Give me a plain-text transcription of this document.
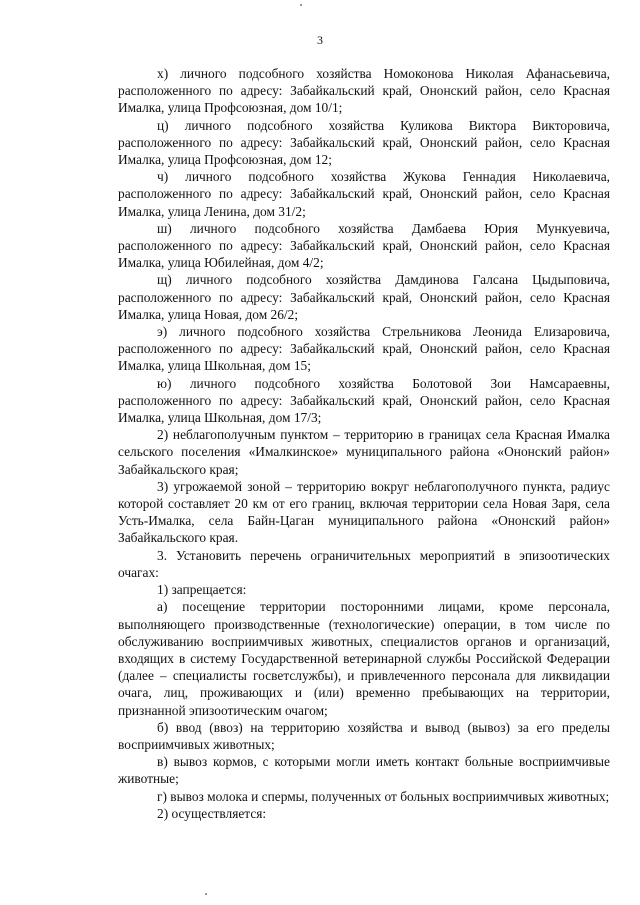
3

х) личного подсобного хозяйства Номоконова Николая Афанасьевича, расположенного по адресу: Забайкальский край, Ононский район, село Красная Ималка, улица Профсоюзная, дом 10/1;

ц) личного подсобного хозяйства Куликова Виктора Викторовича, расположенного по адресу: Забайкальский край, Ононский район, село Красная Ималка, улица Профсоюзная, дом 12;

ч) личного подсобного хозяйства Жукова Геннадия Николаевича, расположенного по адресу: Забайкальский край, Ононский район, село Красная Ималка, улица Ленина, дом 31/2;

ш) личного подсобного хозяйства Дамбаева Юрия Мункуевича, расположенного по адресу: Забайкальский край, Ононский район, село Красная Ималка, улица Юбилейная, дом 4/2;

щ) личного подсобного хозяйства Дамдинова Галсана Цыдыповича, расположенного по адресу: Забайкальский край, Ононский район, село Красная Ималка, улица Новая, дом 26/2;

э) личного подсобного хозяйства Стрельникова Леонида Елизаровича, расположенного по адресу: Забайкальский край, Ононский район, село Красная Ималка, улица Школьная, дом 15;

ю) личного подсобного хозяйства Болотовой Зои Намсараевны, расположенного по адресу: Забайкальский край, Ононский район, село Красная Ималка, улица Школьная, дом 17/3;

2) неблагополучным пунктом – территорию в границах села Красная Ималка сельского поселения «Ималкинское» муниципального района «Ононский район» Забайкальского края;

3) угрожаемой зоной – территорию вокруг неблагополучного пункта, радиус которой составляет 20 км от его границ, включая территории села Новая Заря, села Усть-Ималка, села Байн-Цаган муниципального района «Ононский район» Забайкальского края.

3. Установить перечень ограничительных мероприятий в эпизоотических очагах:

1) запрещается:

а) посещение территории посторонними лицами, кроме персонала, выполняющего производственные (технологические) операции, в том числе по обслуживанию восприимчивых животных, специалистов органов и организаций, входящих в систему Государственной ветеринарной службы Российской Федерации (далее – специалисты госветслужбы), и привлеченного персонала для ликвидации очага, лиц, проживающих и (или) временно пребывающих на территории, признанной эпизоотическим очагом;

б) ввод (ввоз) на территорию хозяйства и вывод (вывоз) за его пределы восприимчивых животных;

в) вывоз кормов, с которыми могли иметь контакт больные восприимчивые животные;

г) вывоз молока и спермы, полученных от больных восприимчивых животных;

2) осуществляется:
